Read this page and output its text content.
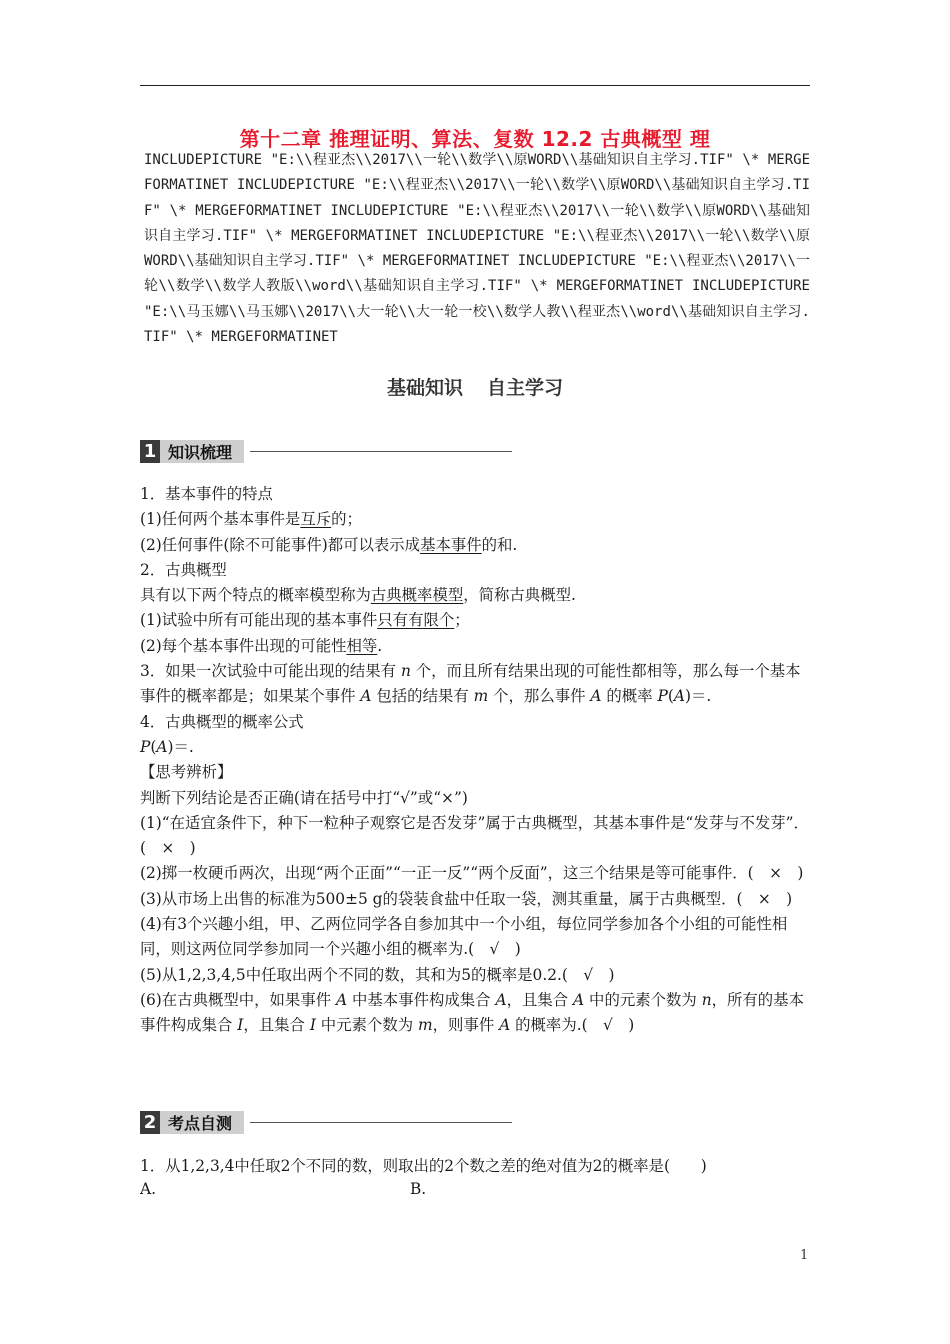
第十二章 推理证明、算法、复数 12.2 古典概型 理
INCLUDEPICTURE "E:\\程亚杰\\2017\\一轮\\数学\\原WORD\\基础知识自主学习.TIF" \* MERGEFORMATINET INCLUDEPICTURE "E:\\程亚杰\\2017\\一轮\\数学\\原WORD\\基础知识自主学习.TIF" \* MERGEFORMATINET INCLUDEPICTURE "E:\\程亚杰\\2017\\一轮\\数学\\原WORD\\基础知识自主学习.TIF" \* MERGEFORMATINET INCLUDEPICTURE "E:\\程亚杰\\2017\\一轮\\数学\\原WORD\\基础知识自主学习.TIF" \* MERGEFORMATINET INCLUDEPICTURE "E:\\程亚杰\\2017\\一轮\\数学\\数学人教版\\word\\基础知识自主学习.TIF" \* MERGEFORMATINET INCLUDEPICTURE "E:\\马玉娜\\马玉娜\\2017\\大一轮\\大一轮一校\\数学人教\\程亚杰\\word\\基础知识自主学习.TIF" \* MERGEFORMATINET
基础知识 自主学习
1 知识梳理

1．基本事件的特点

(1)任何两个基本事件是互斥的；

(2)任何事件(除不可能事件)都可以表示成基本事件的和.

2．古典概型

具有以下两个特点的概率模型称为古典概率模型，简称古典概型.

(1)试验中所有可能出现的基本事件只有有限个；

(2)每个基本事件出现的可能性相等.

3．如果一次试验中可能出现的结果有 n 个，而且所有结果出现的可能性都相等，那么每一个基本事件的概率都是；如果某个事件 A 包括的结果有 m 个，那么事件 A 的概率 P(A)＝.

4．古典概型的概率公式

P(A)＝.

【思考辨析】

判断下列结论是否正确(请在括号中打“√”或“×”)

(1)“在适宜条件下，种下一粒种子观察它是否发芽”属于古典概型，其基本事件是“发芽与不发芽”．(　×　)

(2)掷一枚硬币两次，出现“两个正面”“一正一反”“两个反面”，这三个结果是等可能事件．(　×　)

(3)从市场上出售的标准为500±5 g的袋装食盐中任取一袋，测其重量，属于古典概型．(　×　)

(4)有3个兴趣小组，甲、乙两位同学各自参加其中一个小组，每位同学参加各个小组的可能性相同，则这两位同学参加同一个兴趣小组的概率为.(　√　)

(5)从1,2,3,4,5中任取出两个不同的数，其和为5的概率是0.2.(　√　)

(6)在古典概型中，如果事件 A 中基本事件构成集合 A，且集合 A 中的元素个数为 n，所有的基本事件构成集合 I，且集合 I 中元素个数为 m，则事件 A 的概率为.(　√　)

2 考点自测

1．从1,2,3,4中任取2个不同的数，则取出的2个数之差的绝对值为2的概率是(　　)

A.	B.
1
